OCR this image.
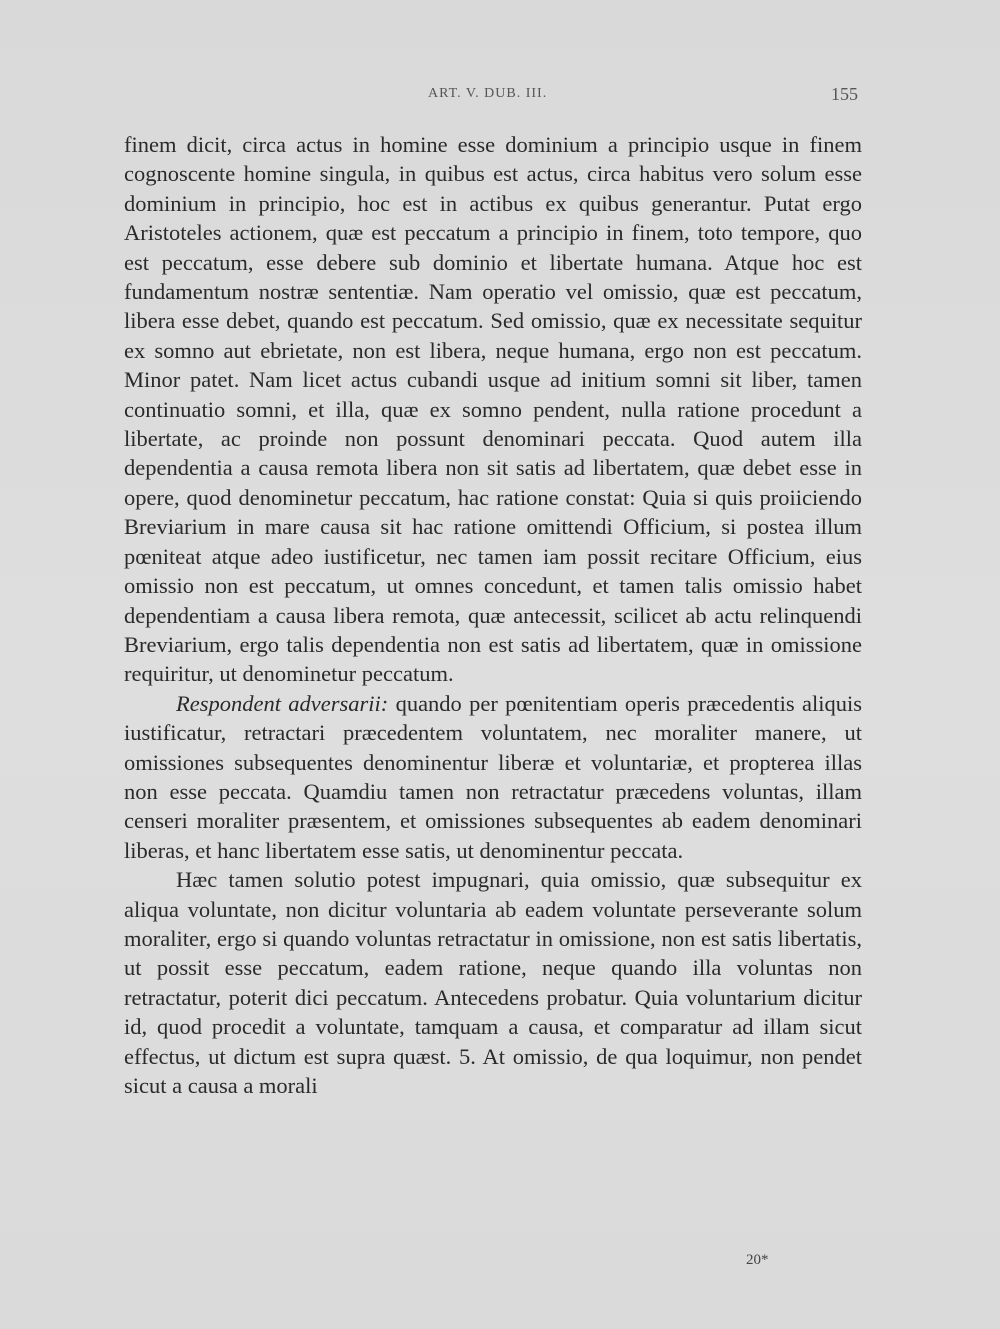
ART. V. DUB. III.	155

finem dicit, circa actus in homine esse dominium a principio usque in finem cognoscente homine singula, in quibus est actus, circa habitus vero solum esse dominium in principio, hoc est in actibus ex quibus generantur. Putat ergo Aristoteles actionem, quæ est peccatum a principio in finem, toto tempore, quo est peccatum, esse debere sub dominio et libertate humana. Atque hoc est fundamentum nostræ sententiæ. Nam operatio vel omissio, quæ est peccatum, libera esse debet, quando est peccatum. Sed omissio, quæ ex necessitate sequitur ex somno aut ebrietate, non est libera, neque humana, ergo non est peccatum. Minor patet. Nam licet actus cubandi usque ad initium somni sit liber, tamen continuatio somni, et illa, quæ ex somno pendent, nulla ratione procedunt a libertate, ac proinde non possunt denominari peccata. Quod autem illa dependentia a causa remota libera non sit satis ad libertatem, quæ debet esse in opere, quod denominetur peccatum, hac ratione constat: Quia si quis proiiciendo Breviarium in mare causa sit hac ratione omittendi Officium, si postea illum pœniteat atque adeo iustificetur, nec tamen iam possit recitare Officium, eius omissio non est peccatum, ut omnes concedunt, et tamen talis omissio habet dependentiam a causa libera remota, quæ antecessit, scilicet ab actu relinquendi Breviarium, ergo talis dependentia non est satis ad libertatem, quæ in omissione requiritur, ut denominetur peccatum.

Respondent adversarii: quando per pœnitentiam operis præcedentis aliquis iustificatur, retractari præcedentem voluntatem, nec moraliter manere, ut omissiones subsequentes denominentur liberæ et voluntariæ, et propterea illas non esse peccata. Quamdiu tamen non retractatur præcedens voluntas, illam censeri moraliter præsentem, et omissiones subsequentes ab eadem denominari liberas, et hanc libertatem esse satis, ut denominentur peccata.

Hæc tamen solutio potest impugnari, quia omissio, quæ subsequitur ex aliqua voluntate, non dicitur voluntaria ab eadem voluntate perseverante solum moraliter, ergo si quando voluntas retractatur in omissione, non est satis libertatis, ut possit esse peccatum, eadem ratione, neque quando illa voluntas non retractatur, poterit dici peccatum. Antecedens probatur. Quia voluntarium dicitur id, quod procedit a voluntate, tamquam a causa, et comparatur ad illam sicut effectus, ut dictum est supra quæst. 5. At omissio, de qua loquimur, non pendet sicut a causa a morali

20*
